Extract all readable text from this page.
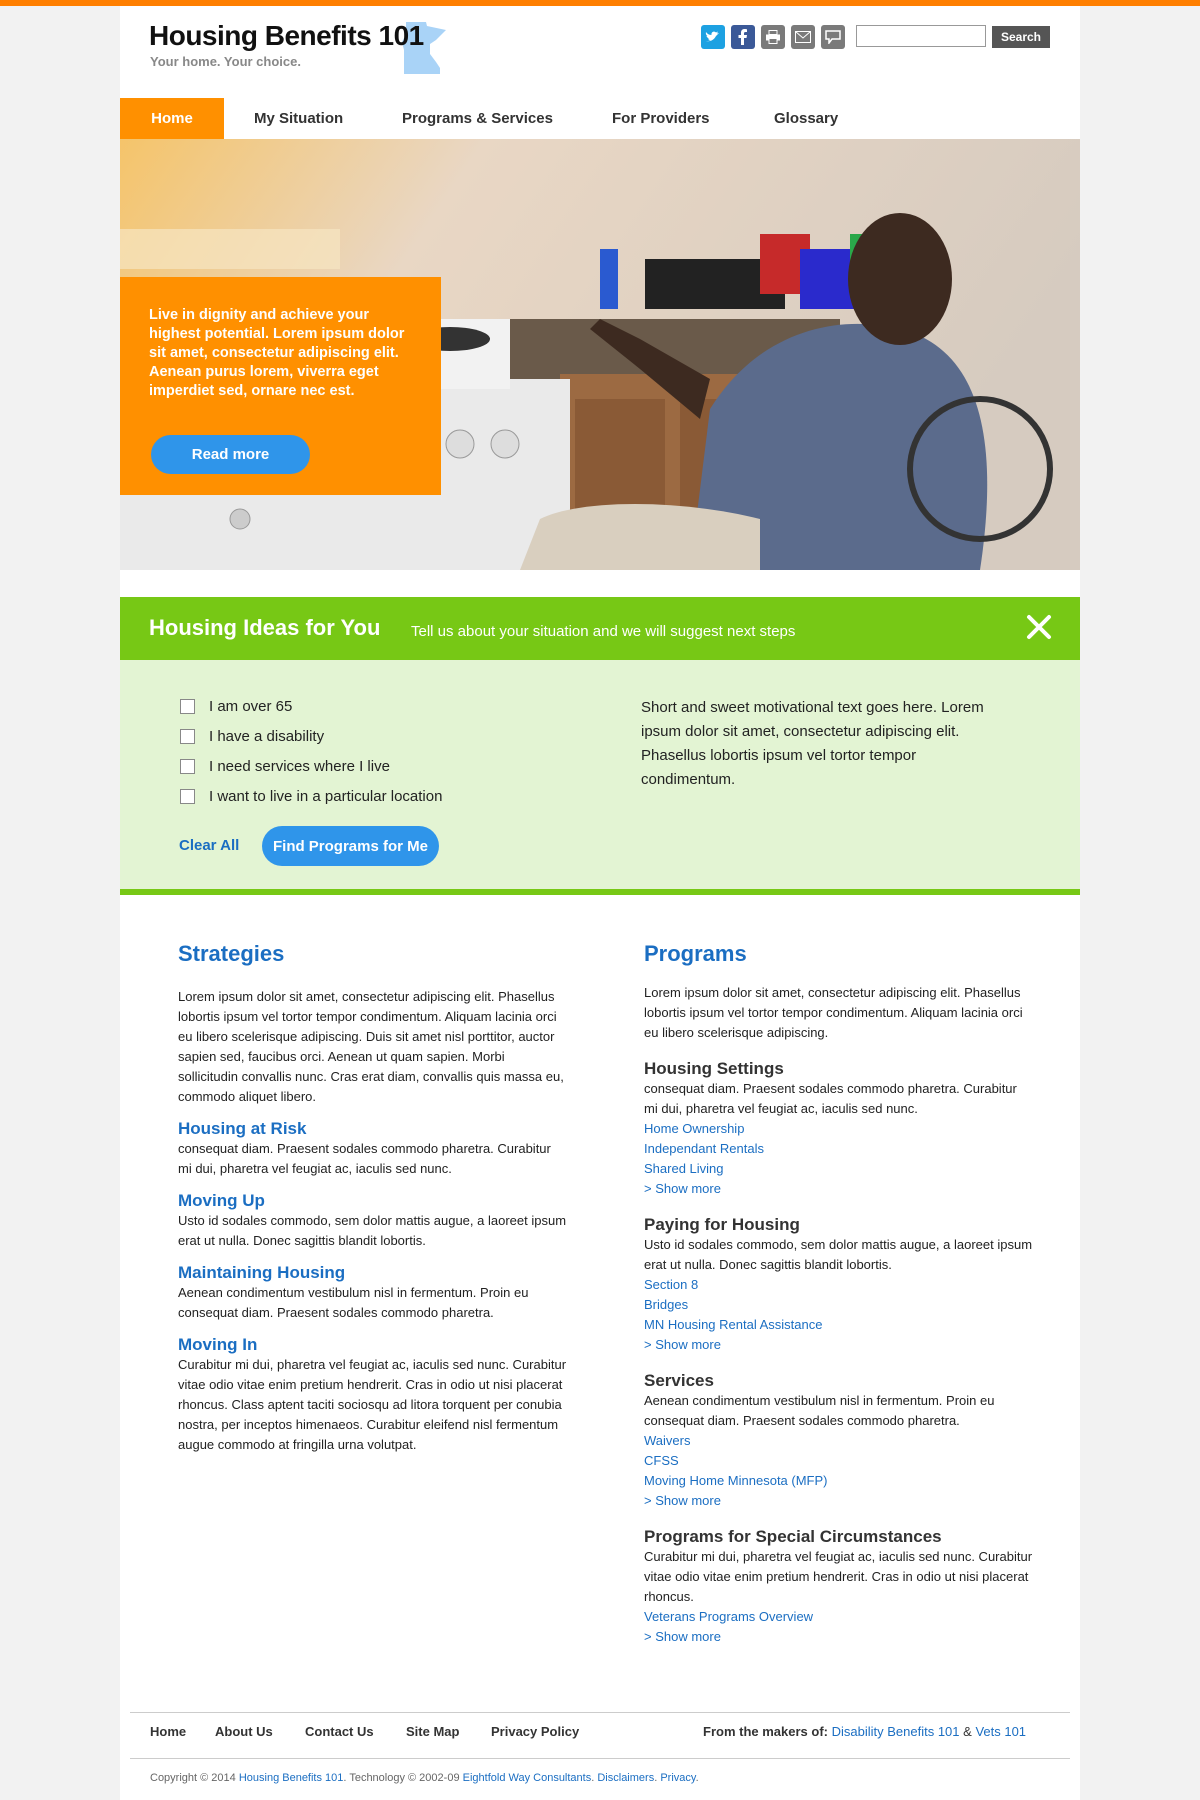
Housing Benefits 101
Your home. Your choice.
Search
Home	My Situation	Programs & Services	For Providers	Glossary
Live in dignity and achieve your highest potential. Lorem ipsum dolor sit amet, consectetur adipiscing elit. Aenean purus lorem, viverra eget imperdiet sed, ornare nec est.
Read more
Housing Ideas for You Tell us about your situation and we will suggest next steps
I am over 65
I have a disability
I need services where I live
I want to live in a particular location
Short and sweet motivational text goes here. Lorem ipsum dolor sit amet, consectetur adipiscing elit. Phasellus lobortis ipsum vel tortor tempor condimentum.
Clear All	Find Programs for Me
Strategies
Lorem ipsum dolor sit amet, consectetur adipiscing elit. Phasellus lobortis ipsum vel tortor tempor condimentum. Aliquam lacinia orci eu libero scelerisque adipiscing. Duis sit amet nisl porttitor, auctor sapien sed, faucibus orci. Aenean ut quam sapien. Morbi sollicitudin convallis nunc. Cras erat diam, convallis quis massa eu, commodo aliquet libero.
Housing at Risk
consequat diam. Praesent sodales commodo pharetra. Curabitur mi dui, pharetra vel feugiat ac, iaculis sed nunc.
Moving Up
Usto id sodales commodo, sem dolor mattis augue, a laoreet ipsum erat ut nulla. Donec sagittis blandit lobortis.
Maintaining Housing
Aenean condimentum vestibulum nisl in fermentum. Proin eu consequat diam. Praesent sodales commodo pharetra.
Moving In
Curabitur mi dui, pharetra vel feugiat ac, iaculis sed nunc. Curabitur vitae odio vitae enim pretium hendrerit. Cras in odio ut nisi placerat rhoncus. Class aptent taciti sociosqu ad litora torquent per conubia nostra, per inceptos himenaeos. Curabitur eleifend nisl fermentum augue commodo at fringilla urna volutpat.
Programs
Lorem ipsum dolor sit amet, consectetur adipiscing elit. Phasellus lobortis ipsum vel tortor tempor condimentum. Aliquam lacinia orci eu libero scelerisque adipiscing.
Housing Settings
consequat diam. Praesent sodales commodo pharetra. Curabitur mi dui, pharetra vel feugiat ac, iaculis sed nunc.
Home Ownership
Independant Rentals
Shared Living
> Show more
Paying for Housing
Usto id sodales commodo, sem dolor mattis augue, a laoreet ipsum erat ut nulla. Donec sagittis blandit lobortis.
Section 8
Bridges
MN Housing Rental Assistance
> Show more
Services
Aenean condimentum vestibulum nisl in fermentum. Proin eu consequat diam. Praesent sodales commodo pharetra.
Waivers
CFSS
Moving Home Minnesota (MFP)
> Show more
Programs for Special Circumstances
Curabitur mi dui, pharetra vel feugiat ac, iaculis sed nunc. Curabitur vitae odio vitae enim pretium hendrerit. Cras in odio ut nisi placerat rhoncus.
Veterans Programs Overview
> Show more
Home About Us Contact Us Site Map Privacy Policy	From the makers of: Disability Benefits 101 & Vets 101
Copyright © 2014 Housing Benefits 101. Technology © 2002-09 Eightfold Way Consultants. Disclaimers. Privacy.
